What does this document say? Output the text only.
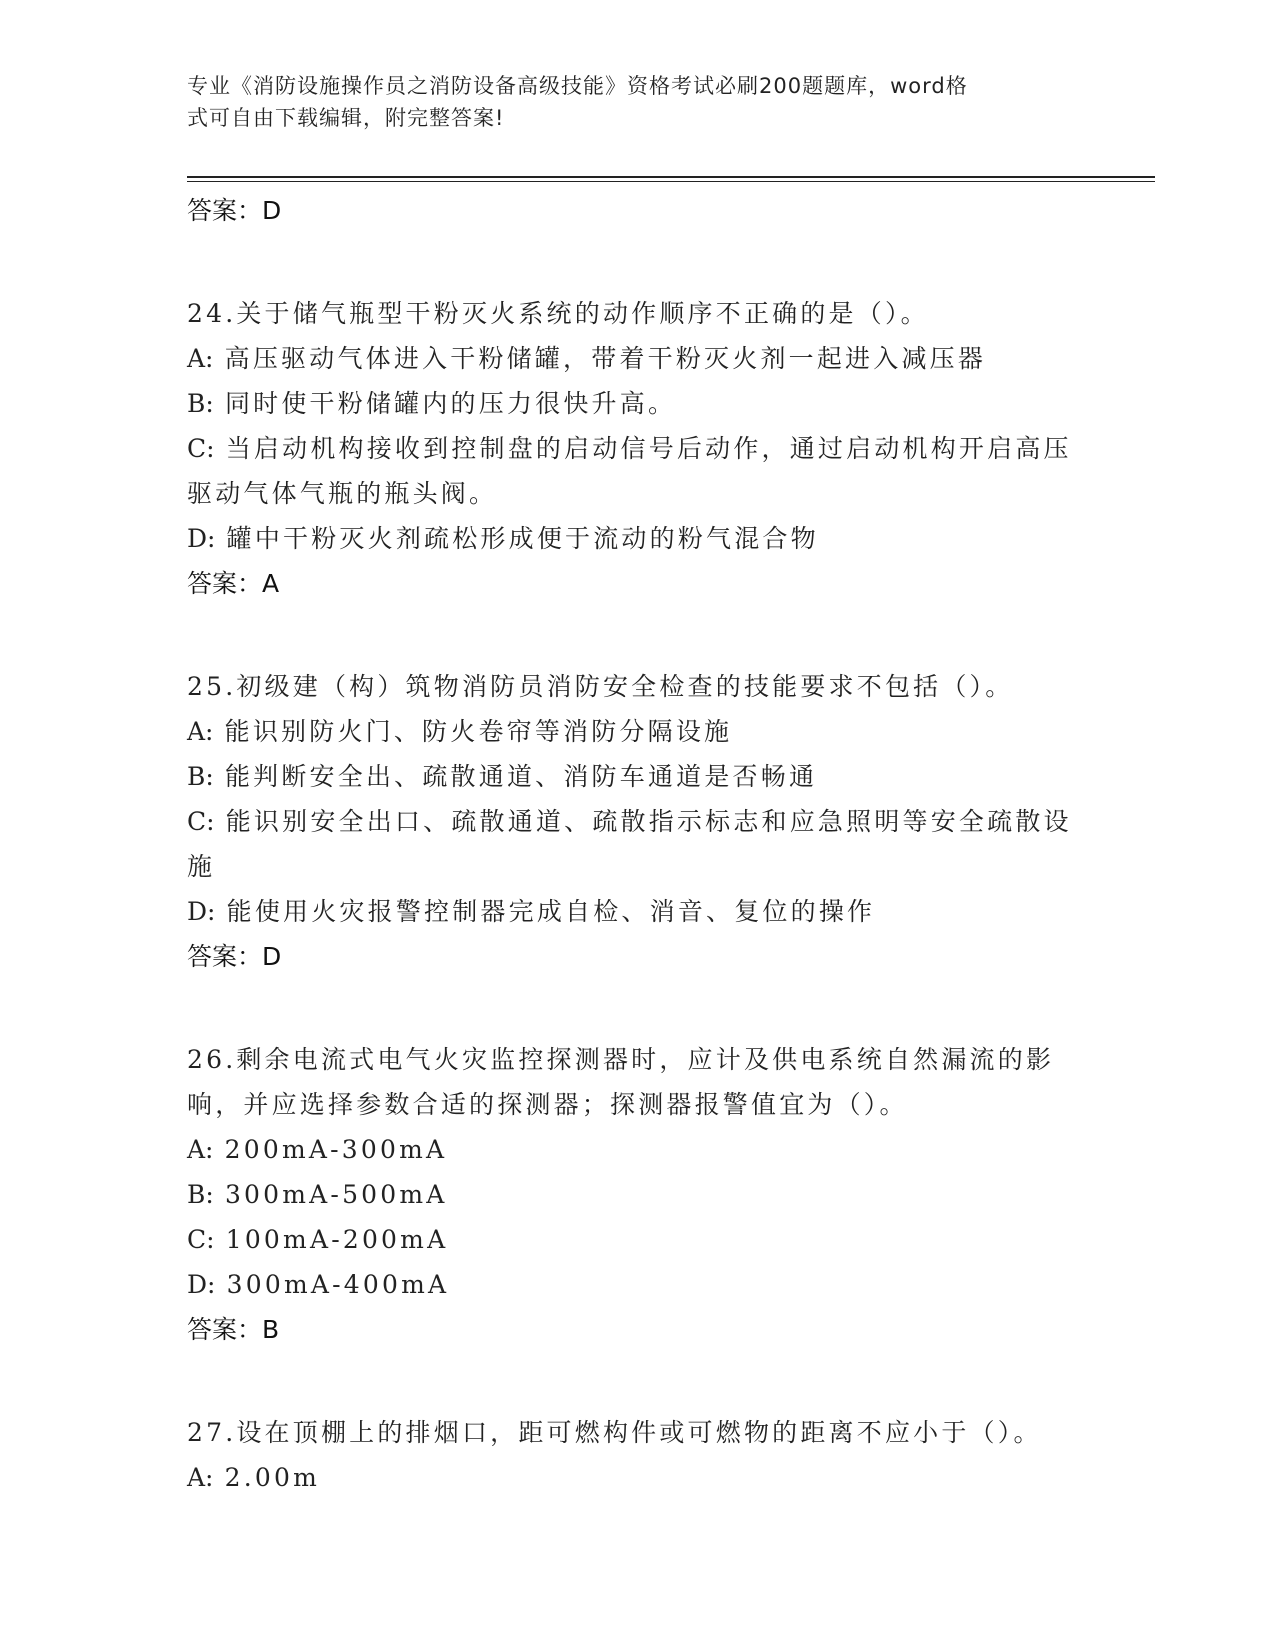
专业《消防设施操作员之消防设备高级技能》资格考试必刷200题题库，word格
式可自由下载编辑，附完整答案!
答案：D
24.关于储气瓶型干粉灭火系统的动作顺序不正确的是（）。
A: 高压驱动气体进入干粉储罐，带着干粉灭火剂一起进入减压器
B: 同时使干粉储罐内的压力很快升高。
C: 当启动机构接收到控制盘的启动信号后动作，通过启动机构开启高压驱动气体气瓶的瓶头阀。
D: 罐中干粉灭火剂疏松形成便于流动的粉气混合物
答案：A
25.初级建（构）筑物消防员消防安全检查的技能要求不包括（）。
A: 能识别防火门、防火卷帘等消防分隔设施
B: 能判断安全出、疏散通道、消防车通道是否畅通
C: 能识别安全出口、疏散通道、疏散指示标志和应急照明等安全疏散设施
D: 能使用火灾报警控制器完成自检、消音、复位的操作
答案：D
26.剩余电流式电气火灾监控探测器时，应计及供电系统自然漏流的影响，并应选择参数合适的探测器；探测器报警值宜为（）。
A: 200mA-300mA
B: 300mA-500mA
C: 100mA-200mA
D: 300mA-400mA
答案：B
27.设在顶棚上的排烟口，距可燃构件或可燃物的距离不应小于（）。
A: 2.00m
